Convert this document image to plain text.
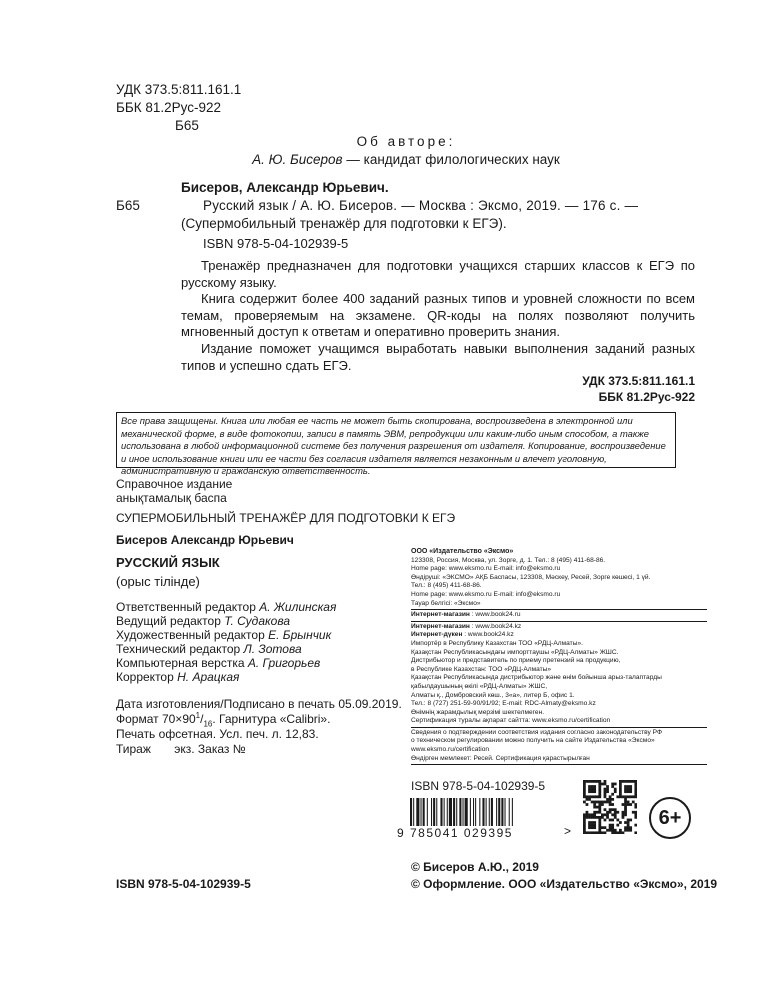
УДК 373.5:811.161.1
ББК 81.2Рус-922
Б65
Об авторе:
А. Ю. Бисеров — кандидат филологических наук
Бисеров, Александр Юрьевич.
Б65	Русский язык / А. Ю. Бисеров. — Москва : Эксмо, 2019. — 176 с. —
(Супермобильный тренажёр для подготовки к ЕГЭ).
ISBN 978-5-04-102939-5
Тренажёр предназначен для подготовки учащихся старших классов к ЕГЭ по русскому языку.
Книга содержит более 400 заданий разных типов и уровней сложности по всем темам, проверяемым на экзамене. QR-коды на полях позволяют получить мгновенный доступ к ответам и оперативно проверить знания.
Издание поможет учащимся выработать навыки выполнения заданий разных типов и успешно сдать ЕГЭ.
УДК 373.5:811.161.1
ББК 81.2Рус-922
Все права защищены. Книга или любая ее часть не может быть скопирована, воспроизведена в электронной или механической форме, в виде фотокопии, записи в память ЭВМ, репродукции или каким-либо иным способом, а также использована в любой информационной системе без получения разрешения от издателя. Копирование, воспроизведение и иное использование книги или ее части без согласия издателя является незаконным и влечет уголовную, административную и гражданскую ответственность.
Справочное издание
анықтамалық баспа
СУПЕРМОБИЛЬНЫЙ ТРЕНАЖЁР ДЛЯ ПОДГОТОВКИ К ЕГЭ
Бисеров Александр Юрьевич
РУССКИЙ ЯЗЫК
(орыс тілінде)
Ответственный редактор А. Жилинская
Ведущий редактор Т. Судакова
Художественный редактор Е. Брынчик
Технический редактор Л. Зотова
Компьютерная верстка А. Григорьев
Корректор Н. Арацкая
Дата изготовления/Подписано в печать 05.09.2019.
Формат $70\times 90^1/_{16}$. Гарнитура «Calibri».
Печать офсетная. Усл. печ. л. 12,83.
Тираж       экз. Заказ №
ООО «Издательство «Эксмо»
123308, Россия, Москва, ул. Зорге, д. 1. Тел.: 8 (495) 411-68-86.
Home page: www.eksmo.ru E-mail: info@eksmo.ru
Өндіруші: «ЭКСМО» АҚБ Баспасы, 123308, Мәскеу, Ресей, Зорге көшесі, 1 үй.
Тел.: 8 (495) 411-68-86.
Home page: www.eksmo.ru E-mail: info@eksmo.ru
Тауар белгісі: «Эксмо»
Интернет-магазин : www.book24.ru
Интернет-магазин : www.book24.kz
Интернет-дүкен : www.book24.kz
Импортёр в Республику Казахстан ТОО «РДЦ-Алматы».
Қазақстан Республикасындағы импорттаушы «РДЦ-Алматы» ЖШС.
Дистрибьютор и представитель по приему претензий на продукцию,
в Республике Казахстан: ТОО «РДЦ-Алматы»
Қазақстан Республикасында дистрибьютор және өнім бойынша арыз-талаптарды
қабылдаушының өкілі «РДЦ-Алматы» ЖШС,
Алматы қ., Домбровский көш., 3«а», литер Б, офис 1.
Тел.: 8 (727) 251-59-90/91/92; E-mail: RDC-Almaty@eksmo.kz
Өнімнің жарамдылық мерзімі шектелмеген.
Сертификация туралы ақпарат сайтта: www.eksmo.ru/certification
Сведения о подтверждении соответствия издания согласно законодательству РФ
о техническом регулировании можно получить на сайте Издательства «Эксмо»
www.eksmo.ru/certification
Өндірген мемлекет: Ресей. Сертификация қарастырылған
ISBN 978-5-04-102939-5
9 785041 029395	>
6+
ISBN 978-5-04-102939-5
© Бисеров А.Ю., 2019
© Оформление. ООО «Издательство «Эксмо», 2019
